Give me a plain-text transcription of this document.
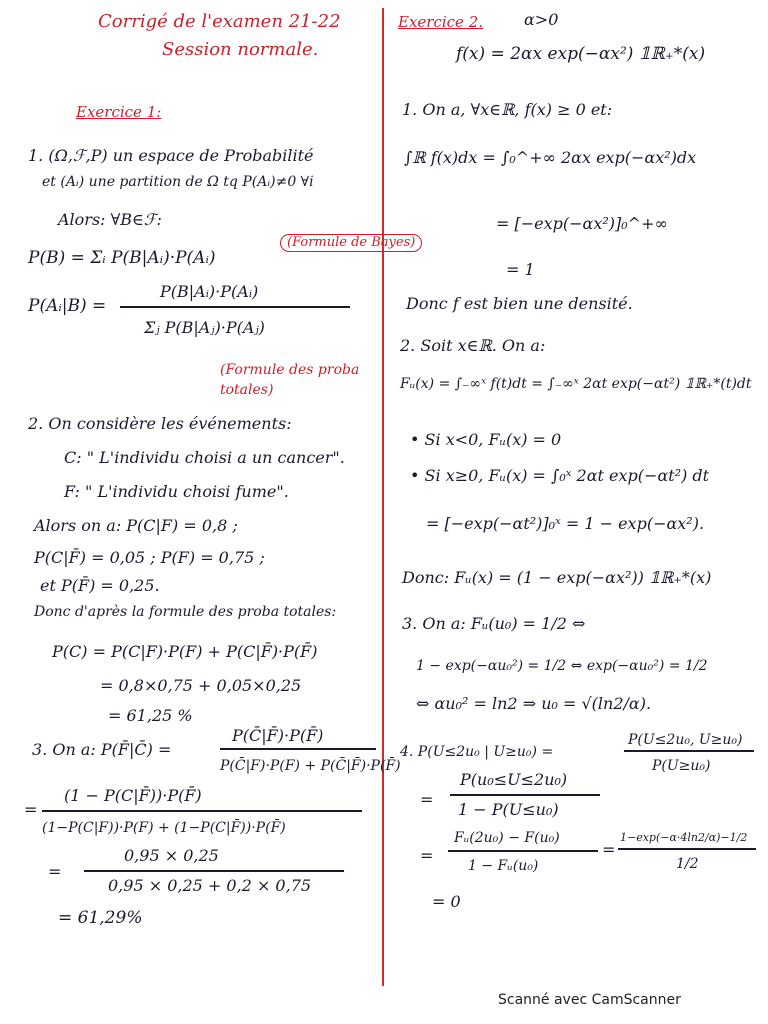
Corrigé de l'examen 21-22
Session normale.
Exercice 1:
1. (Ω,ℱ,P) un espace de Probabilité
et (Aᵢ) une partition de Ω tq P(Aᵢ)≠0 ∀i
Alors: ∀B∈ℱ:
P(B) = Σᵢ P(B|Aᵢ)·P(Aᵢ)
(Formule de Bayes)
P(Aᵢ|B) =
P(B|Aᵢ)·P(Aᵢ)
Σⱼ P(B|Aⱼ)·P(Aⱼ)
(Formule des proba totales)
2. On considère les événements:
C: " L'individu choisi a un cancer".
F: " L'individu choisi fume".
Alors on a: P(C|F) = 0,8 ;
P(C|F̄) = 0,05 ; P(F) = 0,75 ;
et P(F̄) = 0,25.
Donc d'après la formule des proba totales:
P(C) = P(C|F)·P(F) + P(C|F̄)·P(F̄)
= 0,8×0,75 + 0,05×0,25
= 61,25 %
3. On a: P(F̄|C̄) =
P(C̄|F̄)·P(F̄)
P(C̄|F)·P(F) + P(C̄|F̄)·P(F̄)
=
(1 − P(C|F̄))·P(F̄)
(1−P(C|F))·P(F) + (1−P(C|F̄))·P(F̄)
=
0,95 × 0,25
0,95 × 0,25 + 0,2 × 0,75
= 61,29%
Exercice 2.	α>0
f(x) = 2αx exp(−αx²) 𝟙ℝ₊*(x)
1. On a, ∀x∈ℝ, f(x) ≥ 0 et:
∫ℝ f(x)dx = ∫₀^+∞ 2αx exp(−αx²)dx
= [−exp(−αx²)]₀^+∞
= 1
Donc f est bien une densité.
2. Soit x∈ℝ. On a:
Fᵤ(x) = ∫₋∞ˣ f(t)dt = ∫₋∞ˣ 2αt exp(−αt²) 𝟙ℝ₊*(t)dt
• Si x<0, Fᵤ(x) = 0
• Si x≥0, Fᵤ(x) = ∫₀ˣ 2αt exp(−αt²) dt
= [−exp(−αt²)]₀ˣ = 1 − exp(−αx²).
Donc: Fᵤ(x) = (1 − exp(−αx²)) 𝟙ℝ₊*(x)
3. On a: Fᵤ(u₀) = 1/2 ⇔
1 − exp(−αu₀²) = 1/2 ⇔ exp(−αu₀²) = 1/2
⇔ αu₀² = ln2 ⇒ u₀ = √(ln2/α).
4. P(U≤2u₀ | U≥u₀) =
P(U≤2u₀, U≥u₀)
P(U≥u₀)
=
P(u₀≤U≤2u₀)
1 − P(U≤u₀)
=
Fᵤ(2u₀) − F(u₀)
1 − Fᵤ(u₀)
=
1−exp(−α·4ln2/α)−1/2
1/2
= 0
Scanné avec CamScanner
